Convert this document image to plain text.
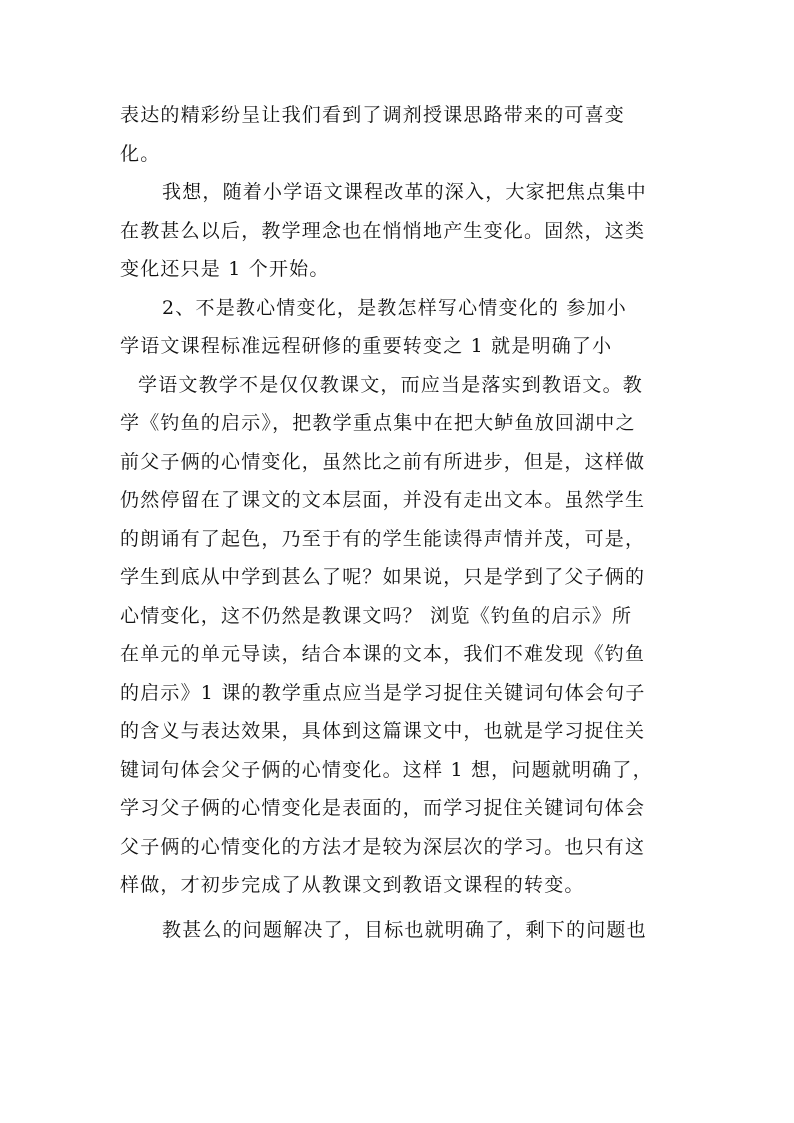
表达的精彩纷呈让我们看到了调剂授课思路带来的可喜变
化。
我想，随着小学语文课程改革的深入，大家把焦点集中
在教甚么以后，教学理念也在悄悄地产生变化。固然，这类
变化还只是 1 个开始。
2、不是教心情变化，是教怎样写心情变化的 参加小
学语文课程标准远程研修的重要转变之 1 就是明确了小
学语文教学不是仅仅教课文，而应当是落实到教语文。教
学《钓鱼的启示》，把教学重点集中在把大鲈鱼放回湖中之
前父子俩的心情变化，虽然比之前有所进步，但是，这样做
仍然停留在了课文的文本层面，并没有走出文本。虽然学生
的朗诵有了起色，乃至于有的学生能读得声情并茂，可是，
学生到底从中学到甚么了呢？如果说，只是学到了父子俩的
心情变化，这不仍然是教课文吗？ 浏览《钓鱼的启示》所
在单元的单元导读，结合本课的文本，我们不难发现《钓鱼
的启示》1 课的教学重点应当是学习捉住关键词句体会句子
的含义与表达效果，具体到这篇课文中，也就是学习捉住关
键词句体会父子俩的心情变化。这样 1 想，问题就明确了，
学习父子俩的心情变化是表面的，而学习捉住关键词句体会
父子俩的心情变化的方法才是较为深层次的学习。也只有这
样做，才初步完成了从教课文到教语文课程的转变。
教甚么的问题解决了，目标也就明确了，剩下的问题也
